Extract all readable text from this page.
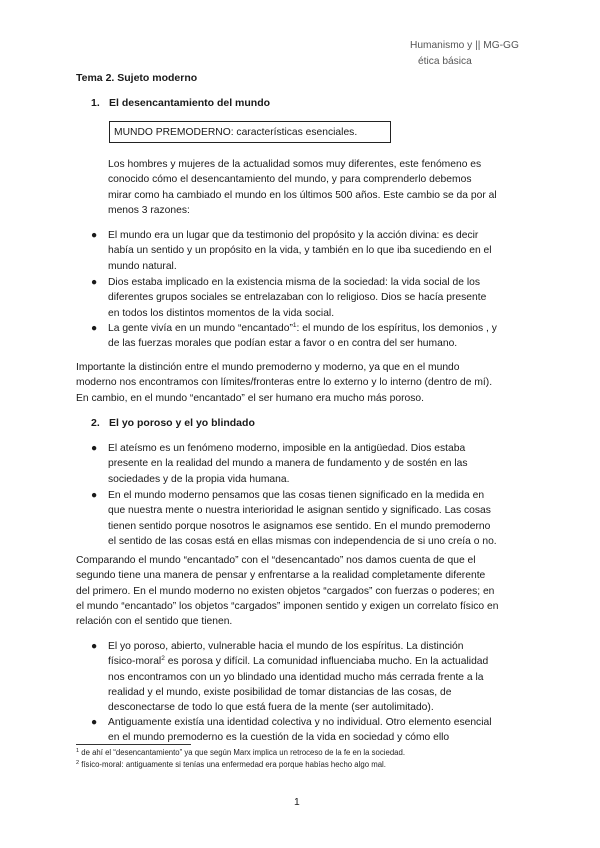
Humanismo y || MG-GG
ética básica
Tema 2. Sujeto moderno
1. El desencantamiento del mundo
MUNDO PREMODERNO: características esenciales.
Los hombres y mujeres de la actualidad somos muy diferentes, este fenómeno es
conocido cómo el desencantamiento del mundo, y para comprenderlo debemos
mirar como ha cambiado el mundo en los últimos 500 años. Este cambio se da por al
menos 3 razones:
●	El mundo era un lugar que da testimonio del propósito y la acción divina: es decir
había un sentido y un propósito en la vida, y también en lo que iba sucediendo en el
mundo natural.
●	Dios estaba implicado en la existencia misma de la sociedad: la vida social de los
diferentes grupos sociales se entrelazaban con lo religioso. Dios se hacía presente
en todos los distintos momentos de la vida social.
●	La gente vivía en un mundo “encantado”$^1$: el mundo de los espíritus, los demonios , y
de las fuerzas morales que podían estar a favor o en contra del ser humano.
Importante la distinción entre el mundo premoderno y moderno, ya que en el mundo
moderno nos encontramos con límites/fronteras entre lo externo y lo interno (dentro de mí).
En cambio, en el mundo “encantado” el ser humano era mucho más poroso.
2. El yo poroso y el yo blindado
●	El ateísmo es un fenómeno moderno, imposible en la antigüedad. Dios estaba
presente en la realidad del mundo a manera de fundamento y de sostén en las
sociedades y de la propia vida humana.
●	En el mundo moderno pensamos que las cosas tienen significado en la medida en
que nuestra mente o nuestra interioridad le asignan sentido y significado. Las cosas
tienen sentido porque nosotros le asignamos ese sentido. En el mundo premoderno
el sentido de las cosas está en ellas mismas con independencia de si uno creía o no.
Comparando el mundo “encantado” con el “desencantado” nos damos cuenta de que el
segundo tiene una manera de pensar y enfrentarse a la realidad completamente diferente
del primero. En el mundo moderno no existen objetos “cargados” con fuerzas o poderes; en
el mundo “encantado” los objetos “cargados” imponen sentido y exigen un correlato físico en
relación con el sentido que tienen.
●	El yo poroso, abierto, vulnerable hacia el mundo de los espíritus. La distinción
físico-moral$^2$ es porosa y difícil. La comunidad influenciaba mucho. En la actualidad
nos encontramos con un yo blindado una identidad mucho más cerrada frente a la
realidad y el mundo, existe posibilidad de tomar distancias de las cosas, de
desconectarse de todo lo que está fuera de la mente (ser autolimitado).
●	Antiguamente existía una identidad colectiva y no individual. Otro elemento esencial
en el mundo premoderno es la cuestión de la vida en sociedad y cómo ello
$^1$ de ahí el “desencantamiento” ya que según Marx implica un retroceso de la fe en la sociedad.
$^2$ físico-moral: antiguamente si tenías una enfermedad era porque habías hecho algo mal.
1
